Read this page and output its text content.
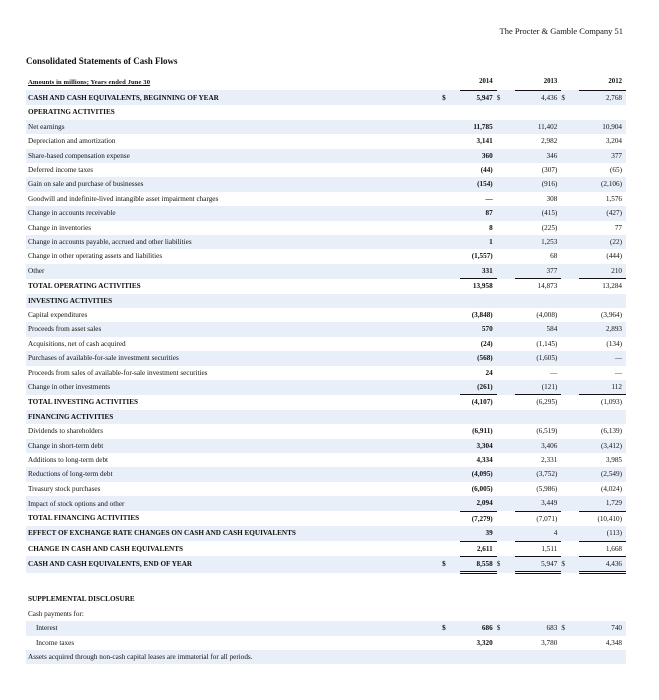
The Procter & Gamble Company 51
Consolidated Statements of Cash Flows
Amounts in millions; Years ended June 30		2014		2013		2012
CASH AND CASH EQUIVALENTS, BEGINNING OF YEAR	$	5,947	$	4,436	$	2,768
OPERATING ACTIVITIES						
Net earnings		11,785		11,402		10,904
Depreciation and amortization		3,141		2,982		3,204
Share-based compensation expense		360		346		377
Deferred income taxes		(44)		(307)		(65)
Gain on sale and purchase of businesses		(154)		(916)		(2,106)
Goodwill and indefinite-lived intangible asset impairment charges		—		308		1,576
Change in accounts receivable		87		(415)		(427)
Change in inventories		8		(225)		77
Change in accounts payable, accrued and other liabilities		1		1,253		(22)
Change in other operating assets and liabilities		(1,557)		68		(444)
Other		331		377		210
TOTAL OPERATING ACTIVITIES		13,958		14,873		13,284
INVESTING ACTIVITIES						
Capital expenditures		(3,848)		(4,008)		(3,964)
Proceeds from asset sales		570		584		2,893
Acquisitions, net of cash acquired		(24)		(1,145)		(134)
Purchases of available-for-sale investment securities		(568)		(1,605)		—
Proceeds from sales of available-for-sale investment securities		24		—		—
Change in other investments		(261)		(121)		112
TOTAL INVESTING ACTIVITIES		(4,107)		(6,295)		(1,093)
FINANCING ACTIVITIES						
Dividends to shareholders		(6,911)		(6,519)		(6,139)
Change in short-term debt		3,304		3,406		(3,412)
Additions to long-term debt		4,334		2,331		3,985
Reductions of long-term debt		(4,095)		(3,752)		(2,549)
Treasury stock purchases		(6,005)		(5,986)		(4,024)
Impact of stock options and other		2,094		3,449		1,729
TOTAL FINANCING ACTIVITIES		(7,279)		(7,071)		(10,410)
EFFECT OF EXCHANGE RATE CHANGES ON CASH AND CASH EQUIVALENTS		39		4		(113)
CHANGE IN CASH AND CASH EQUIVALENTS		2,611		1,511		1,668
CASH AND CASH EQUIVALENTS, END OF YEAR	$	8,558	$	5,947	$	4,436

SUPPLEMENTAL DISCLOSURE						
Cash payments for:						
Interest	$	686	$	683	$	740
Income taxes		3,320		3,780		4,348
Assets acquired through non-cash capital leases are immaterial for all periods.						
